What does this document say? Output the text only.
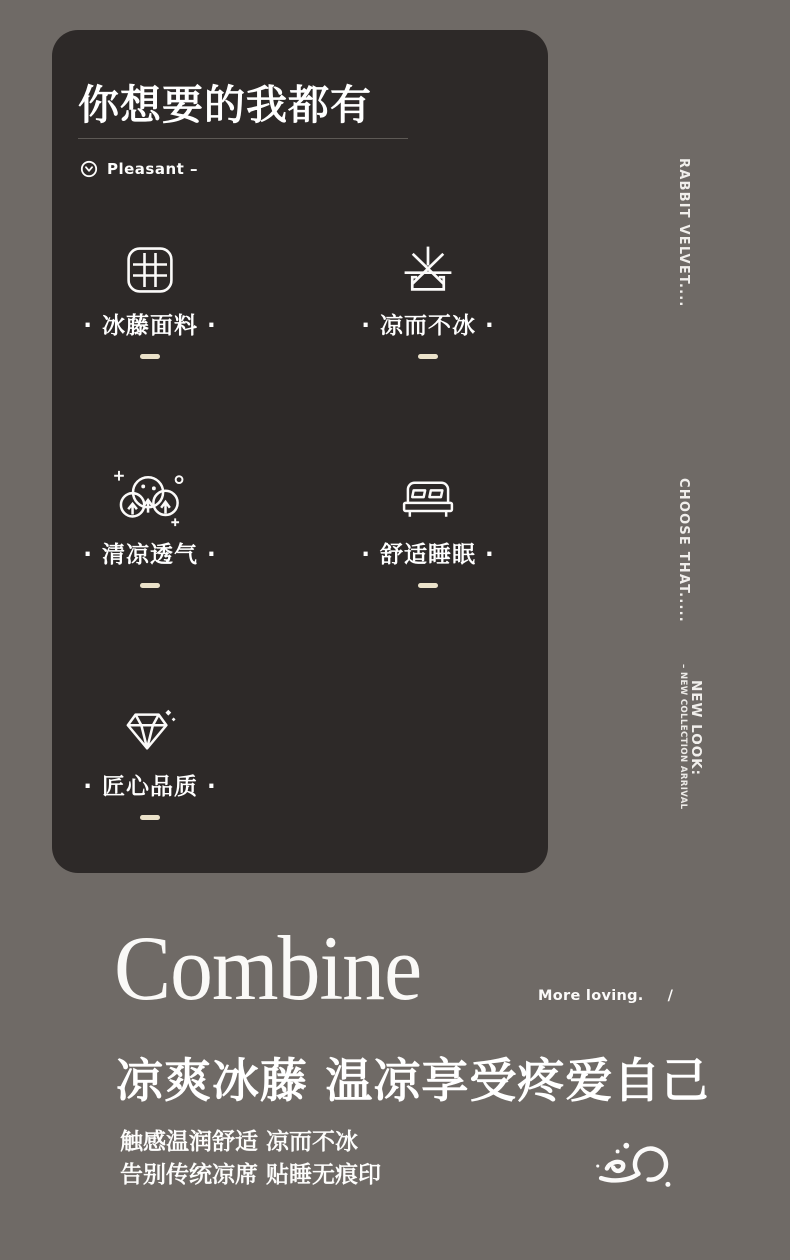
你想要的我都有
Pleasant –
· 冰藤面料 ·	· 凉而不冰 ·
· 清凉透气 ·	· 舒适睡眠 ·
· 匠心品质 ·
RABBIT VELVET....
CHOOSE THAT.....
NEW LOOK:
– NEW COLLECTION ARRIVAL
Combine	More loving. /
凉爽冰藤 温凉享受疼爱自己

触感温润舒适 凉而不冰

告别传统凉席 贴睡无痕印
